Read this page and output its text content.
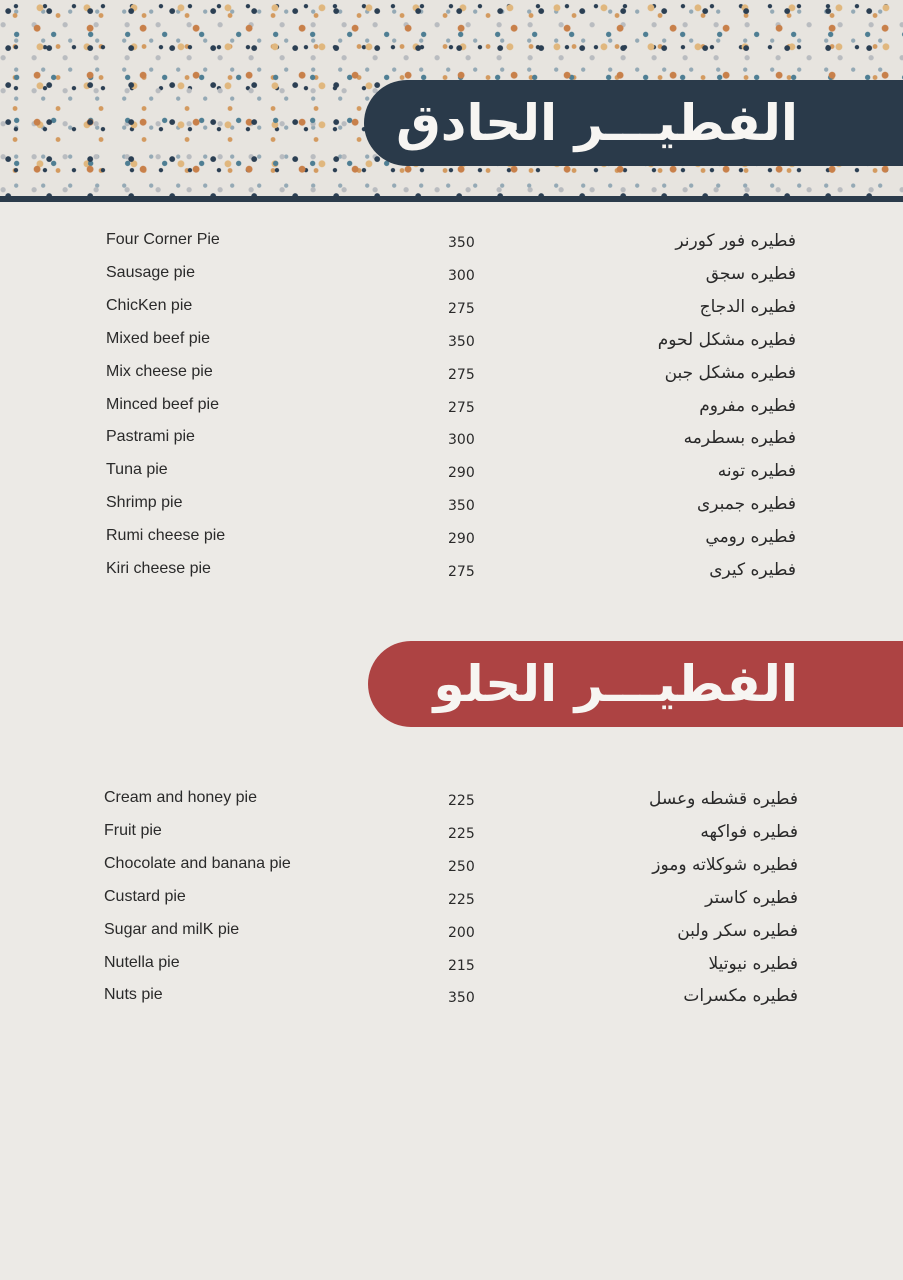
الفطيـــر الحادق
Four Corner Pie	350	فطيره فور كورنر
Sausage pie	300	فطيره سجق
ChicKen pie	275	فطيره الدجاج
Mixed beef pie	350	فطيره مشكل لحوم
Mix cheese pie	275	فطيره مشكل جبن
Minced beef pie	275	فطيره مفروم
Pastrami pie	300	فطيره بسطرمه
Tuna pie	290	فطيره تونه
Shrimp pie	350	فطيره جمبرى
Rumi cheese pie	290	فطيره رومي
Kiri cheese pie	275	فطيره كيرى
الفطيـــر الحلو
Cream and honey pie	225	فطيره قشطه وعسل
Fruit pie	225	فطيره فواكهه
Chocolate and banana pie	250	فطيره شوكلاته وموز
Custard pie	225	فطيره كاستر
Sugar and milK pie	200	فطيره سكر ولبن
Nutella pie	215	فطيره نيوتيلا
Nuts pie	350	فطيره مكسرات
